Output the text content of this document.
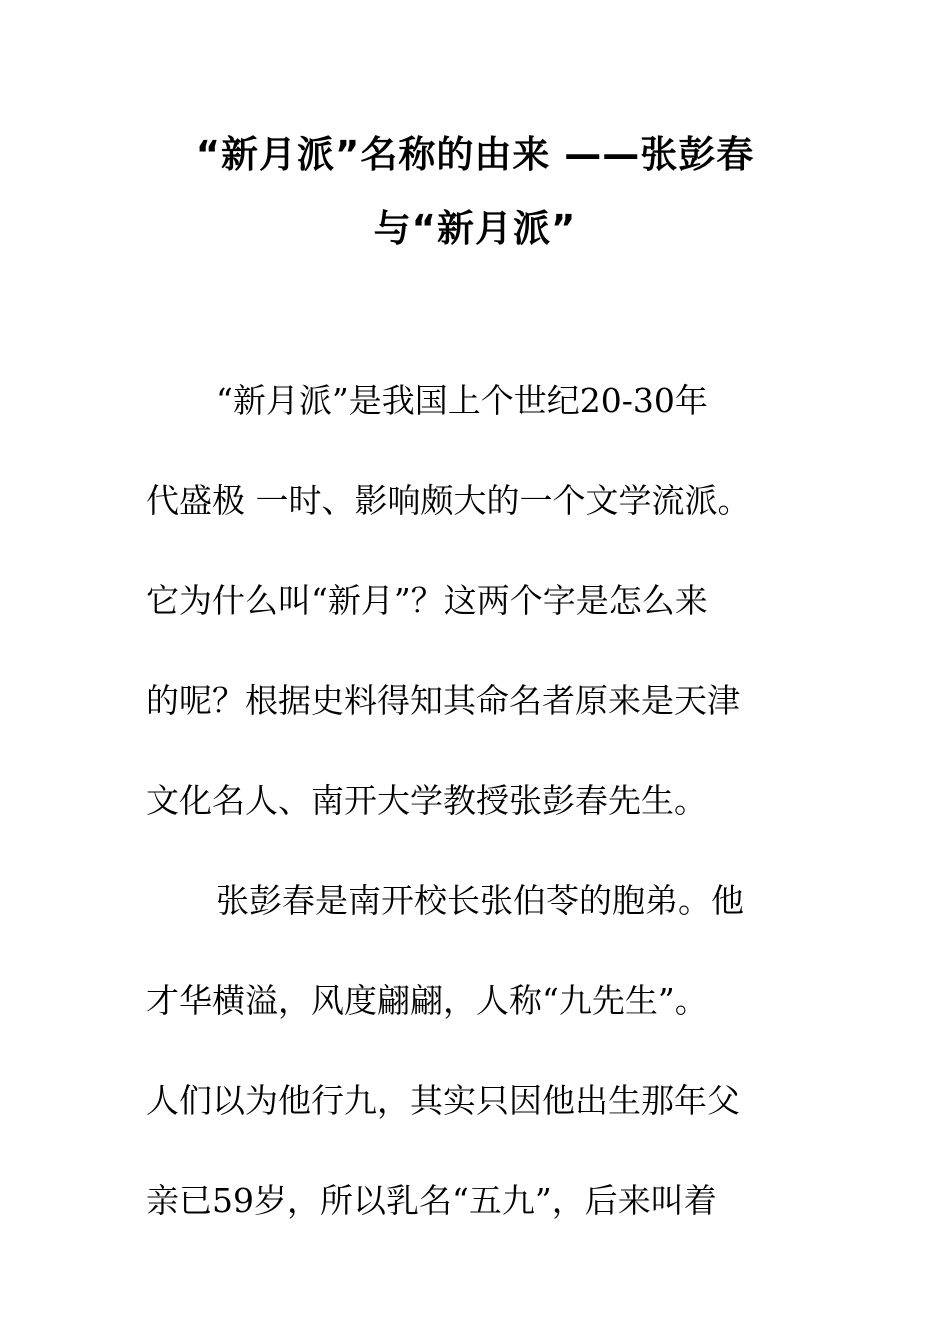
“新月派”名称的由来 ——张彭春
与“新月派”
“新月派”是我国上个世纪20-30年
代盛极 一时、影响颇大的一个文学流派。
它为什么叫“新月”？这两个字是怎么来
的呢？根据史料得知其命名者原来是天津
文化名人、南开大学教授张彭春先生。
张彭春是南开校长张伯苓的胞弟。他
才华横溢，风度翩翩，人称“九先生”。
人们以为他行九，其实只因他出生那年父
亲已59岁，所以乳名“五九”，后来叫着
